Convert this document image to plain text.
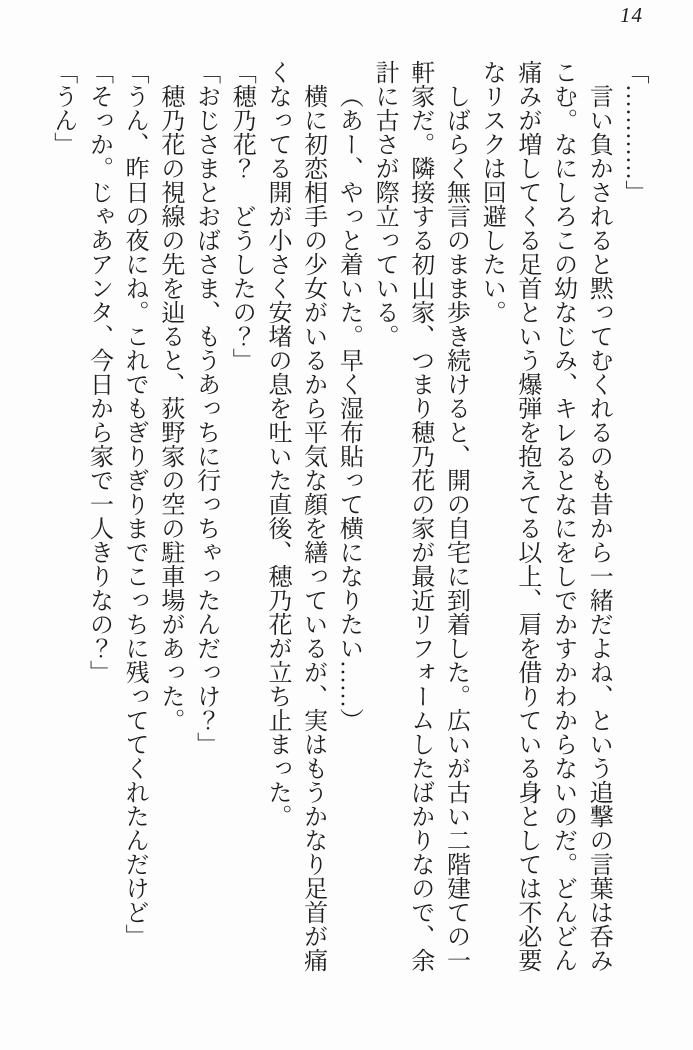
14

「…………」

言い負かされると黙ってむくれるのも昔から一緒だよね、という追撃の言葉は呑みこむ。なにしろこの幼なじみ、キレるとなにをしでかすかわからないのだ。どんどん痛みが増してくる足首という爆弾を抱えてる以上、肩を借りている身としては不必要なリスクは回避したい。

しばらく無言のまま歩き続けると、開の自宅に到着した。広いが古い二階建ての一軒家だ。隣接する初山家、つまり穂乃花の家が最近リフォームしたばかりなので、余計に古さが際立っている。

（あー、やっと着いた。早く湿布貼って横になりたい……）

横に初恋相手の少女がいるから平気な顔を繕っているが、実はもうかなり足首が痛くなってる開が小さく安堵の息を吐いた直後、穂乃花が立ち止まった。

「穂乃花？　どうしたの？」

「おじさまとおばさま、もうあっちに行っちゃったんだっけ？」

穂乃花の視線の先を辿ると、荻野家の空の駐車場があった。

「うん、昨日の夜にね。これでもぎりぎりまでこっちに残っててくれたんだけど」

「そっか。じゃあアンタ、今日から家で一人きりなの？」

「うん」
